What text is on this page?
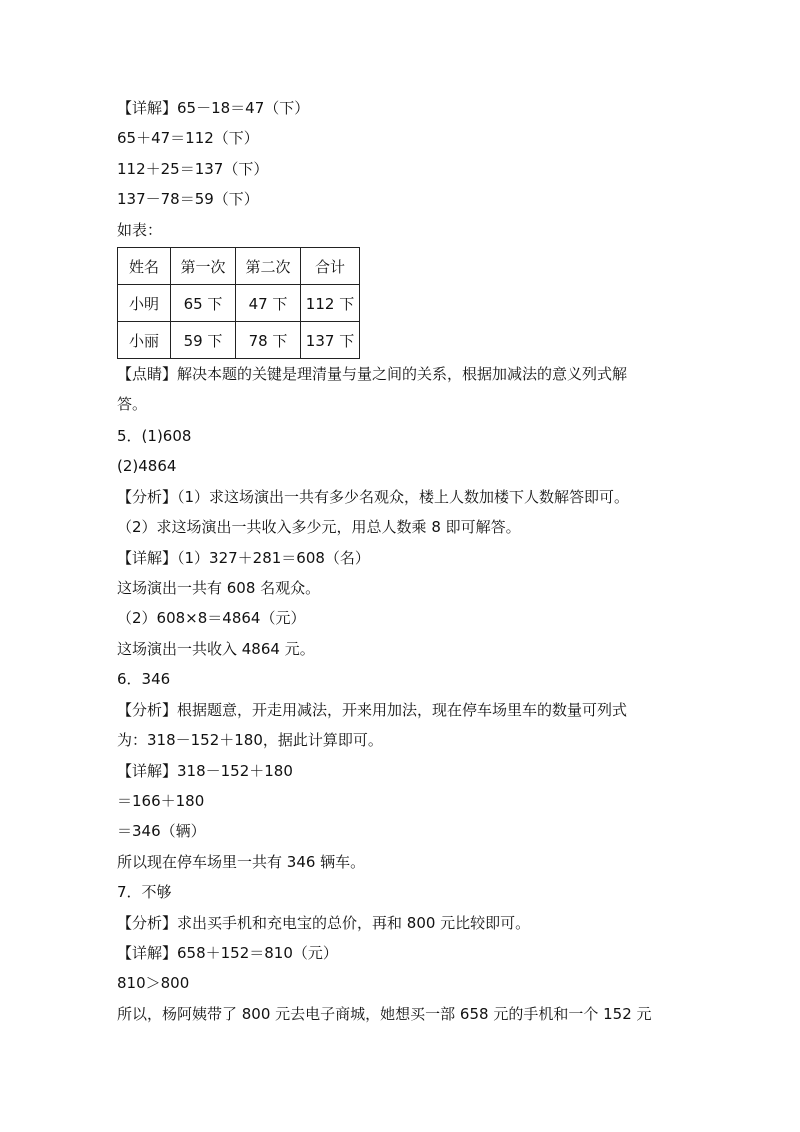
【详解】65－18＝47（下）
65＋47＝112（下）
112＋25＝137（下）
137－78＝59（下）
如表：
姓名	第一次	第二次	合计
小明	65 下	47 下	112 下
小丽	59 下	78 下	137 下
【点睛】解决本题的关键是理清量与量之间的关系，根据加减法的意义列式解
答。
5．(1)608
(2)4864
【分析】（1）求这场演出一共有多少名观众，楼上人数加楼下人数解答即可。
（2）求这场演出一共收入多少元，用总人数乘 8 即可解答。
【详解】（1）327＋281＝608（名）
这场演出一共有 608 名观众。
（2）608×8＝4864（元）
这场演出一共收入 4864 元。
6．346
【分析】根据题意，开走用减法，开来用加法，现在停车场里车的数量可列式
为：318－152＋180，据此计算即可。
【详解】318－152＋180
＝166＋180
＝346（辆）
所以现在停车场里一共有 346 辆车。
7．不够
【分析】求出买手机和充电宝的总价，再和 800 元比较即可。
【详解】658＋152＝810（元）
810＞800
所以，杨阿姨带了 800 元去电子商城，她想买一部 658 元的手机和一个 152 元
